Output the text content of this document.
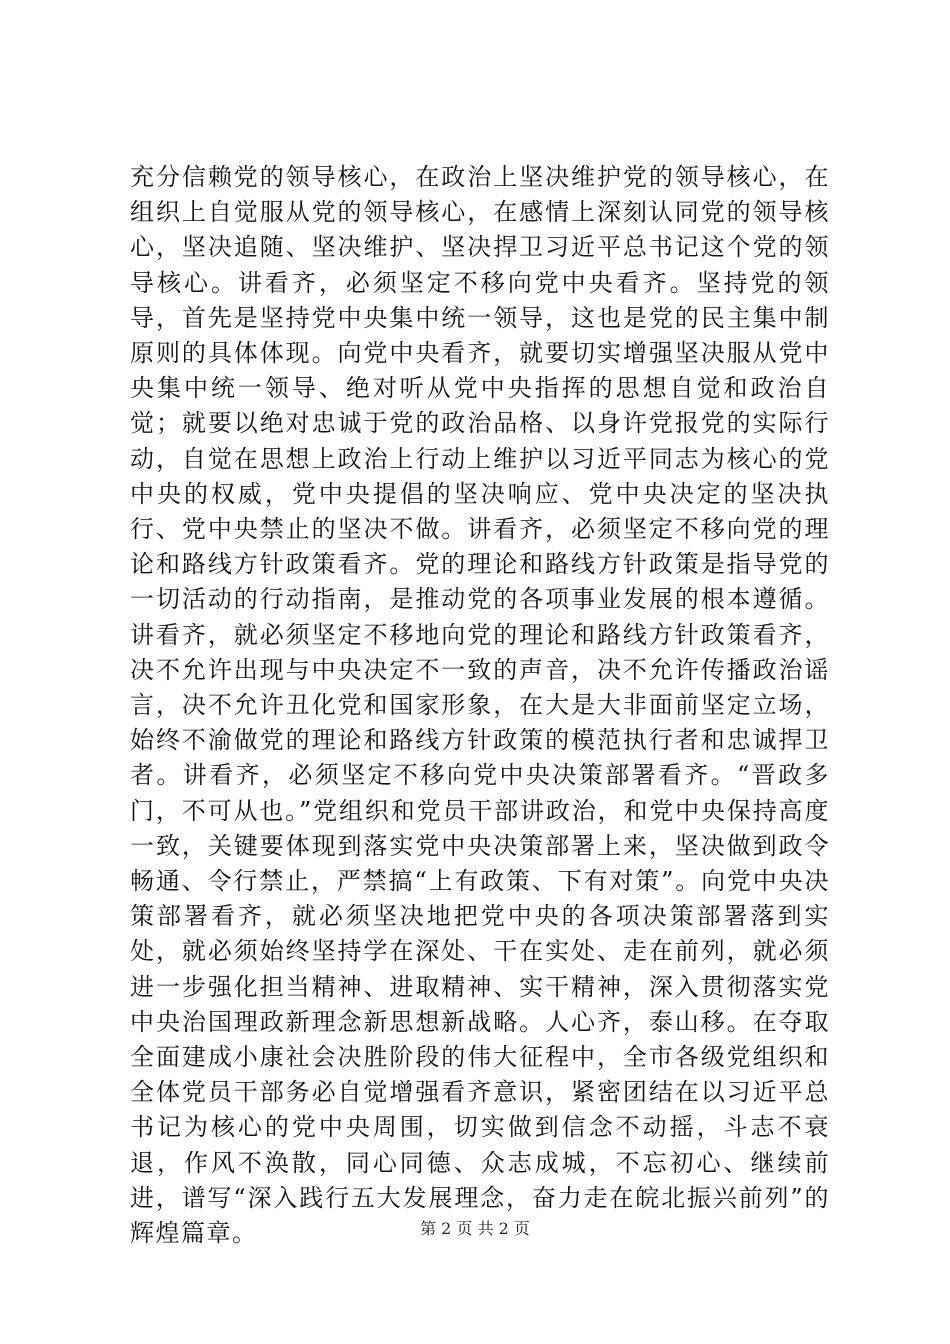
充分信赖党的领导核心，在政治上坚决维护党的领导核心，在组织上自觉服从党的领导核心，在感情上深刻认同党的领导核心，坚决追随、坚决维护、坚决捍卫习近平总书记这个党的领导核心。讲看齐，必须坚定不移向党中央看齐。坚持党的领导，首先是坚持党中央集中统一领导，这也是党的民主集中制原则的具体体现。向党中央看齐，就要切实增强坚决服从党中央集中统一领导、绝对听从党中央指挥的思想自觉和政治自觉；就要以绝对忠诚于党的政治品格、以身许党报党的实际行动，自觉在思想上政治上行动上维护以习近平同志为核心的党中央的权威，党中央提倡的坚决响应、党中央决定的坚决执行、党中央禁止的坚决不做。讲看齐，必须坚定不移向党的理论和路线方针政策看齐。党的理论和路线方针政策是指导党的一切活动的行动指南，是推动党的各项事业发展的根本遵循。讲看齐，就必须坚定不移地向党的理论和路线方针政策看齐，决不允许出现与中央决定不一致的声音，决不允许传播政治谣言，决不允许丑化党和国家形象，在大是大非面前坚定立场，始终不渝做党的理论和路线方针政策的模范执行者和忠诚捍卫者。讲看齐，必须坚定不移向党中央决策部署看齐。“晋政多门，不可从也。”党组织和党员干部讲政治，和党中央保持高度一致，关键要体现到落实党中央决策部署上来，坚决做到政令畅通、令行禁止，严禁搞“上有政策、下有对策”。向党中央决策部署看齐，就必须坚决地把党中央的各项决策部署落到实处，就必须始终坚持学在深处、干在实处、走在前列，就必须进一步强化担当精神、进取精神、实干精神，深入贯彻落实党中央治国理政新理念新思想新战略。人心齐，泰山移。在夺取全面建成小康社会决胜阶段的伟大征程中，全市各级党组织和全体党员干部务必自觉增强看齐意识，紧密团结在以习近平总书记为核心的党中央周围，切实做到信念不动摇，斗志不衰退，作风不涣散，同心同德、众志成城，不忘初心、继续前进，谱写“深入践行五大发展理念，奋力走在皖北振兴前列”的辉煌篇章。	第 2 页 共 2 页
